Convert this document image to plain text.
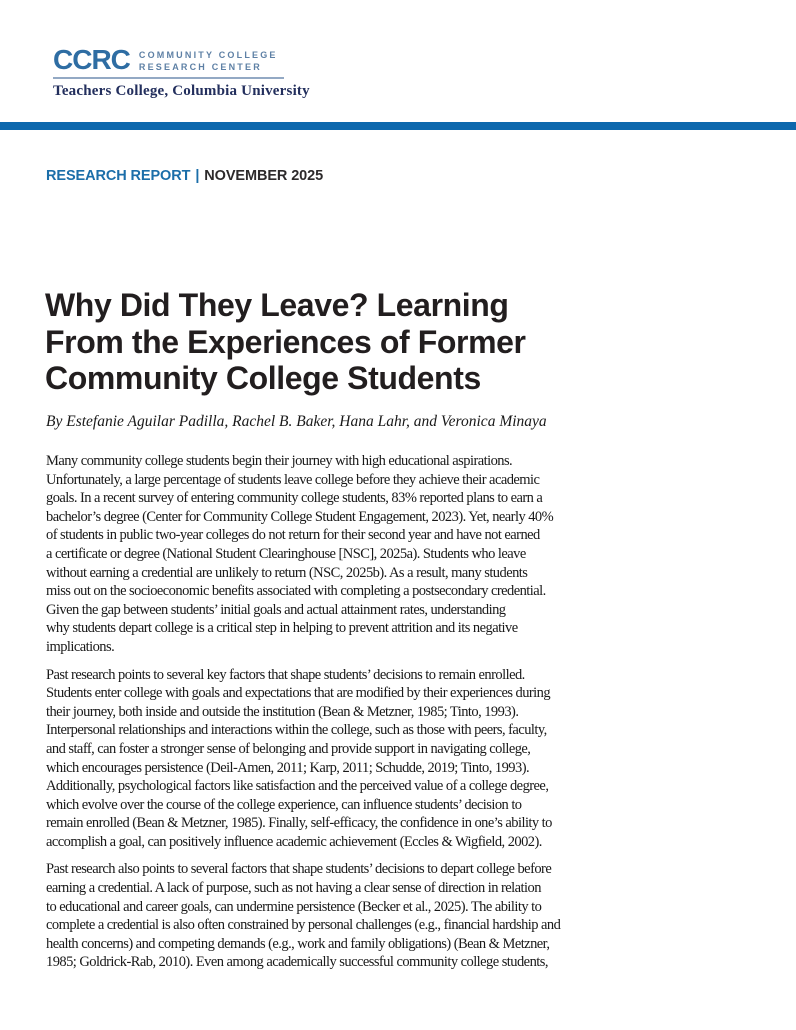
CCRC COMMUNITY COLLEGE
RESEARCH CENTER
Teachers College, Columbia University
RESEARCH REPORT | NOVEMBER 2025
Why Did They Leave? Learning
From the Experiences of Former
Community College Students
By Estefanie Aguilar Padilla, Rachel B. Baker, Hana Lahr, and Veronica Minaya
Many community college students begin their journey with high educational aspirations.
Unfortunately, a large percentage of students leave college before they achieve their academic
goals. In a recent survey of entering community college students, 83% reported plans to earn a
bachelor’s degree (Center for Community College Student Engagement, 2023). Yet, nearly 40%
of students in public two-year colleges do not return for their second year and have not earned
a certificate or degree (National Student Clearinghouse [NSC], 2025a). Students who leave
without earning a credential are unlikely to return (NSC, 2025b). As a result, many students
miss out on the socioeconomic benefits associated with completing a postsecondary credential.
Given the gap between students’ initial goals and actual attainment rates, understanding
why students depart college is a critical step in helping to prevent attrition and its negative
implications.
Past research points to several key factors that shape students’ decisions to remain enrolled.
Students enter college with goals and expectations that are modified by their experiences during
their journey, both inside and outside the institution (Bean & Metzner, 1985; Tinto, 1993).
Interpersonal relationships and interactions within the college, such as those with peers, faculty,
and staff, can foster a stronger sense of belonging and provide support in navigating college,
which encourages persistence (Deil-Amen, 2011; Karp, 2011; Schudde, 2019; Tinto, 1993).
Additionally, psychological factors like satisfaction and the perceived value of a college degree,
which evolve over the course of the college experience, can influence students’ decision to
remain enrolled (Bean & Metzner, 1985). Finally, self-efficacy, the confidence in one’s ability to
accomplish a goal, can positively influence academic achievement (Eccles & Wigfield, 2002).
Past research also points to several factors that shape students’ decisions to depart college before
earning a credential. A lack of purpose, such as not having a clear sense of direction in relation
to educational and career goals, can undermine persistence (Becker et al., 2025). The ability to
complete a credential is also often constrained by personal challenges (e.g., financial hardship and
health concerns) and competing demands (e.g., work and family obligations) (Bean & Metzner,
1985; Goldrick-Rab, 2010). Even among academically successful community college students,
